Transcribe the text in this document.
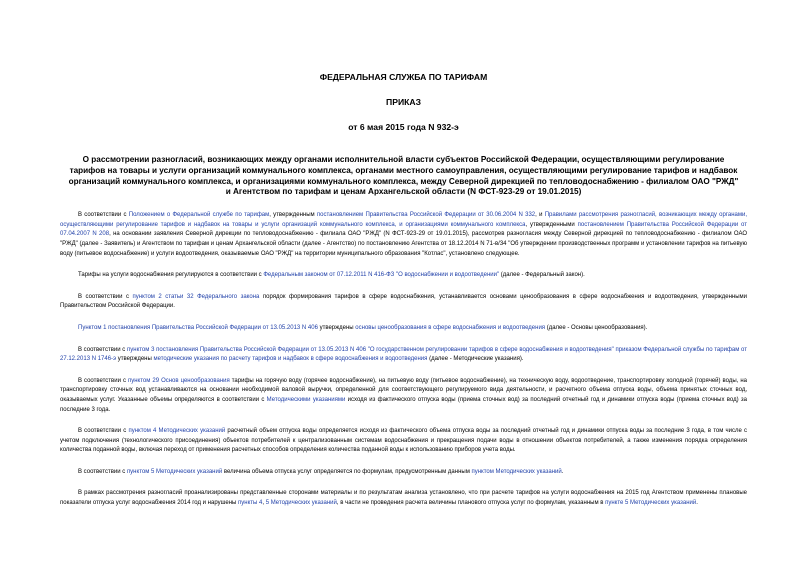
ФЕДЕРАЛЬНАЯ СЛУЖБА ПО ТАРИФАМ

ПРИКАЗ

от 6 мая 2015 года N 932-э

О рассмотрении разногласий, возникающих между органами исполнительной власти субъектов Российской Федерации, осуществляющими регулирование
тарифов на товары и услуги организаций коммунального комплекса, органами местного самоуправления, осуществляющими регулирование тарифов и надбавок
организаций коммунального комплекса, и организациями коммунального комплекса, между Северной дирекцией по тепловодоснабжению - филиалом ОАО "РЖД"
и Агентством по тарифам и ценам Архангельской области (N ФСТ-923-29 от 19.01.2015)

В соответствии с Положением о Федеральной службе по тарифам, утвержденным постановлением Правительства Российской Федерации от 30.06.2004 N 332, и Правилами рассмотрения разногласий, возникающих между органами, осуществляющими регулирование тарифов и надбавок на товары и услуги организаций коммунального комплекса, и организациями коммунального комплекса, утвержденными постановлением Правительства Российской Федерации от 07.04.2007 N 208, на основании заявления Северной дирекции по тепловодоснабжению - филиала ОАО "РЖД" (N ФСТ-923-29 от 19.01.2015), рассмотрев разногласия между Северной дирекцией по тепловодоснабжению - филиалом ОАО "РЖД" (далее - Заявитель) и Агентством по тарифам и ценам Архангельской области (далее - Агентство) по постановлению Агентства от 18.12.2014 N 71-в/34 "Об утверждении производственных программ и установлении тарифов на питьевую воду (питьевое водоснабжение) и услуги водоотведения, оказываемые ОАО "РЖД" на территории муниципального образования "Котлас", установлено следующее.

Тарифы на услуги водоснабжения регулируются в соответствии с Федеральным законом от 07.12.2011 N 416-ФЗ "О водоснабжении и водоотведении" (далее - Федеральный закон).

В соответствии с пунктом 2 статьи 32 Федерального закона порядок формирования тарифов в сфере водоснабжения, устанавливается основами ценообразования в сфере водоснабжения и водоотведения, утвержденными Правительством Российской Федерации.

Пунктом 1 постановления Правительства Российской Федерации от 13.05.2013 N 406 утверждены основы ценообразования в сфере водоснабжения и водоотведения (далее - Основы ценообразования).

В соответствии с пунктом 3 постановления Правительства Российской Федерации от 13.05.2013 N 406 "О государственном регулировании тарифов в сфере водоснабжения и водоотведения" приказом Федеральной службы по тарифам от 27.12.2013 N 1746-э утверждены методические указания по расчету тарифов и надбавок в сфере водоснабжения и водоотведения (далее - Методические указания).

В соответствии с пунктом 29 Основ ценообразования тарифы на горячую воду (горячее водоснабжение), на питьевую воду (питьевое водоснабжение), на техническую воду, водоотведение, транспортировку холодной (горячей) воды, на транспортировку сточных вод устанавливаются на основании необходимой валовой выручки, определенной для соответствующего регулируемого вида деятельности, и расчетного объема отпуска воды, объема принятых сточных вод, оказываемых услуг. Указанные объемы определяются в соответствии с Методическими указаниями исходя из фактического отпуска воды (приема сточных вод) за последний отчетный год и динамики отпуска воды (приема сточных вод) за последние 3 года.

В соответствии с пунктом 4 Методических указаний расчетный объем отпуска воды определяется исходя из фактического объема отпуска воды за последний отчетный год и динамики отпуска воды за последние 3 года, в том числе с учетом подключения (технологического присоединения) объектов потребителей к централизованным системам водоснабжения и прекращения подачи воды в отношении объектов потребителей, а также изменения порядка определения количества поданной воды, включая переход от применения расчетных способов определения количества поданной воды к использованию приборов учета воды.

В соответствии с пунктом 5 Методических указаний величина объема отпуска услуг определяется по формулам, предусмотренным данным пунктом Методических указаний.

В рамках рассмотрения разногласий проанализированы представленные сторонами материалы и по результатам анализа установлено, что при расчете тарифов на услуги водоснабжения на 2015 год Агентством применены плановые показатели отпуска услуг водоснабжения 2014 год и нарушены пункты 4, 5 Методических указаний, в части не проведения расчета величины планового отпуска услуг по формулам, указанным в пункте 5 Методических указаний.
